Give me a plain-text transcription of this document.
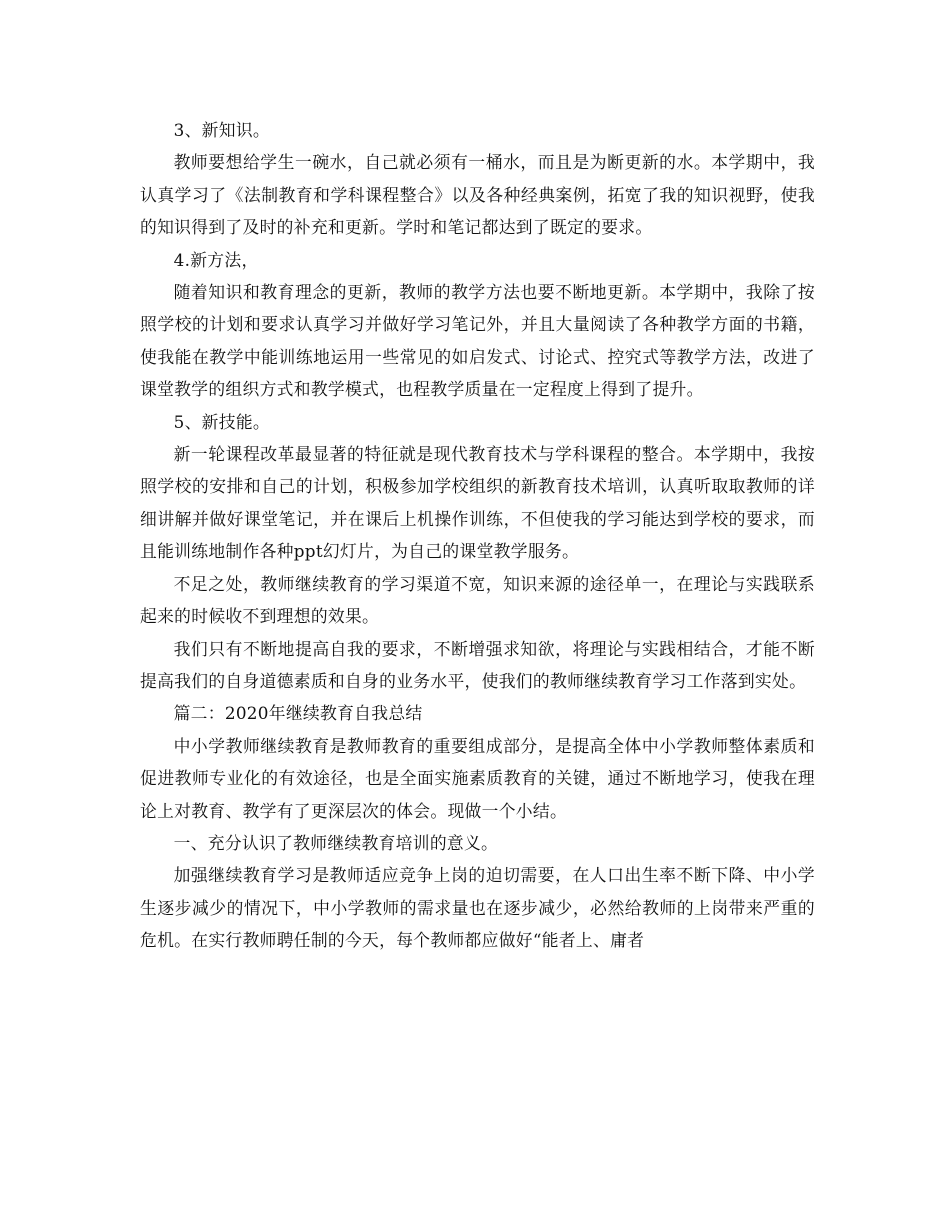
3、新知识。

教师要想给学生一碗水，自己就必须有一桶水，而且是为断更新的水。本学期中，我认真学习了《法制教育和学科课程整合》以及各种经典案例，拓宽了我的知识视野，使我的知识得到了及时的补充和更新。学时和笔记都达到了既定的要求。

4.新方法，

随着知识和教育理念的更新，教师的教学方法也要不断地更新。本学期中，我除了按照学校的计划和要求认真学习并做好学习笔记外，并且大量阅读了各种教学方面的书籍，使我能在教学中能训练地运用一些常见的如启发式、讨论式、控究式等教学方法，改进了课堂教学的组织方式和教学模式，也程教学质量在一定程度上得到了提升。

5、新技能。

新一轮课程改革最显著的特征就是现代教育技术与学科课程的整合。本学期中，我按照学校的安排和自己的计划，积极参加学校组织的新教育技术培训，认真听取取教师的详细讲解并做好课堂笔记，并在课后上机操作训练，不但使我的学习能达到学校的要求，而且能训练地制作各种ppt幻灯片，为自己的课堂教学服务。

不足之处，教师继续教育的学习渠道不宽，知识来源的途径单一，在理论与实践联系起来的时候收不到理想的效果。

我们只有不断地提高自我的要求，不断增强求知欲，将理论与实践相结合，才能不断提高我们的自身道德素质和自身的业务水平，使我们的教师继续教育学习工作落到实处。

篇二：2020年继续教育自我总结

中小学教师继续教育是教师教育的重要组成部分，是提高全体中小学教师整体素质和促进教师专业化的有效途径，也是全面实施素质教育的关键，通过不断地学习，使我在理论上对教育、教学有了更深层次的体会。现做一个小结。

一、充分认识了教师继续教育培训的意义。

加强继续教育学习是教师适应竞争上岗的迫切需要，在人口出生率不断下降、中小学生逐步减少的情况下，中小学教师的需求量也在逐步减少，必然给教师的上岗带来严重的危机。在实行教师聘任制的今天，每个教师都应做好“能者上、庸者
